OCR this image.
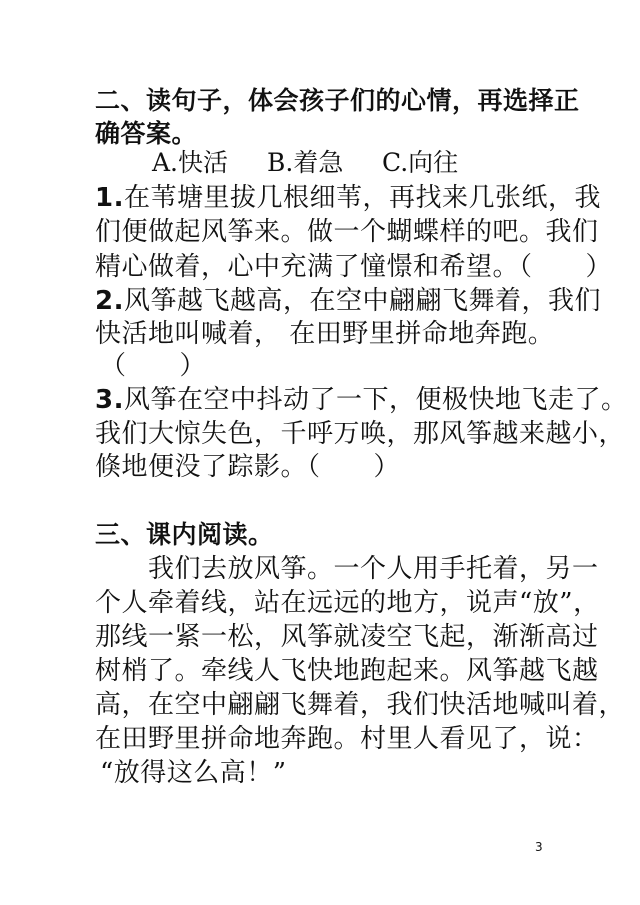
二、读句子，体会孩子们的心情，再选择正
确答案。
A.快活 B.着急 C.向往
1.在苇塘里拔几根细苇，再找来几张纸，我
们便做起风筝来。做一个蝴蝶样的吧。我们
精心做着，心中充满了憧憬和希望。（　　）
2.风筝越飞越高，在空中翩翩飞舞着，我们
快活地叫喊着， 在田野里拼命地奔跑。
（　　）
3.风筝在空中抖动了一下，便极快地飞走了。
我们大惊失色，千呼万唤，那风筝越来越小，
倏地便没了踪影。（　　）
三、课内阅读。
　　我们去放风筝。一个人用手托着，另一
个人牵着线，站在远远的地方，说声“放”，
那线一紧一松，风筝就凌空飞起，渐渐高过
树梢了。牵线人飞快地跑起来。风筝越飞越
高，在空中翩翩飞舞着，我们快活地喊叫着，
在田野里拼命地奔跑。村里人看见了，说：
“放得这么高！”
3
